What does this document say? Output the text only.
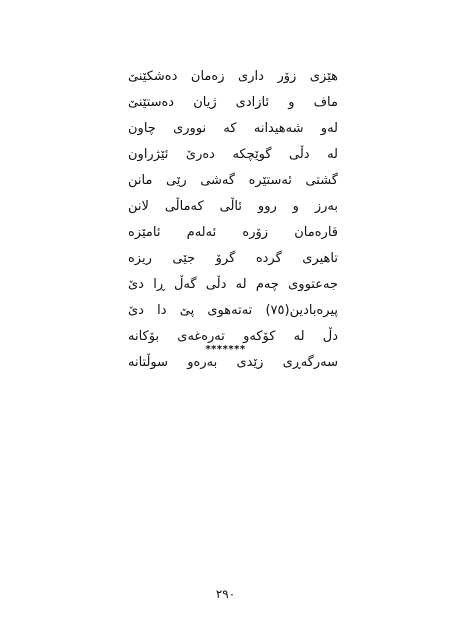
هێزی زۆر داری زەمان دەشکێنێ
ماف و ئازادی ژیان دەستێنێ
لەو شەهیدانە کە نووری چاون
لە دڵی گوێچکە دەرێ ئێژراون
گشتی ئەستێرە گەشی رێی مانن
بەرز و روو ئاڵی کەماڵی لانن
قارەمان زۆرە ئەلەم ئامێزە
تاهیری گردە گرۆ جێی ریزە
جەعتووی چەم لە دڵی گەڵ ڕا دێ
پیرەبادین(٧٥) تەتەهوی پێ دا دێ
دڵ لە کۆکەو تەرەغەی بۆکانە
سەرگەڕی زێدی بەرەو سوڵتانە
*******
٢٩٠
